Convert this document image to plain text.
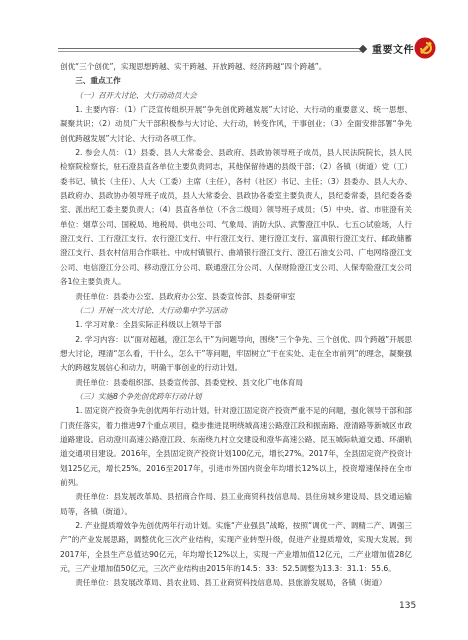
重要文件

创优“三个创优”，实现思想跨越、实干跨越、开放跨越、经济跨越“四个跨越”。

三、重点工作

（一）召开大讨论、大行动动员大会

1. 主要内容：（1）广泛宣传组织开展“争先创优跨越发展”大讨论、大行动的重要意义、统一思想、凝聚共识；（2）动员广大干部积极参与大讨论、大行动，转变作风，干事创业；（3）全面安排部署“争先创优跨越发展”大讨论、大行动各项工作。

2. 参会人员：（1）县委、县人大常委会、县政府、县政协领导班子成员，县人民法院院长，县人民检察院检察长，驻石澄县直各单位主要负责同志，其他保留待遇的县级干部；（2）各镇（街道）党（工）委书记、镇长（主任）、人大（工委）主席（主任），各村（社区）书记、主任；（3）县委办、县人大办、县政府办、县政协办领导班子成员，县人大常委会、县政协各委室主要负责人，县纪委常委，县纪委各委室、派出纪工委主要负责人；（4）县直各单位（不含二级局）领导班子成员；（5）中央、省、市驻澄有关单位：烟草公司、国税局、地税局、供电公司、气象局、消防大队、武警澄江中队、七五○试验场，人行澄江支行、工行澄江支行、农行澄江支行、中行澄江支行、建行澄江支行、富滇银行澄江支行、邮政储蓄澄江支行、县农村信用合作联社、中成村镇银行、曲靖银行澄江支行、澄江石油支公司、广电网络澄江支公司、电信澄江分公司、移动澄江分公司、联通澄江分公司、人保财险澄江支公司、人保寿险澄江支公司各1位主要负责人。

责任单位：县委办公室、县政府办公室、县委宣传部、县委研审室

（二）开展一次大讨论、大行动集中学习活动

1. 学习对象：全县实际正科级以上领导干部

2. 学习内容：以“面对超越，澄江怎么干”为问题导向，围绕“三个争先、三个创优、四个跨越”开展思想大讨论，理清“怎么看，干什么，怎么干”等问题，牢固树立“干在实处、走在全市前列”的理念，凝聚强大的跨越发展信心和动力，明确干事创业的行动计划。

责任单位：县委组织部、县委宣传部、县委党校、县文化广电体育局

（三）实施8个争先创优跨年行动计划

1. 固定资产投资争先创优两年行动计划。针对澄江固定资产投资严重不足的问题，强化领导干部和部门责任落实，着力推进97个重点项目，稳步推进昆明绕城高速公路澄江段和振南路、澄清路等新城区市政道路建设。启动澄川高速公路澄江段、东南绕九村立交建设和澄华高速公路、昆玉城际轨道交通、环湖轨道交通项目建设。2016年，全县固定资产投资计划100亿元，增长27%。2017年，全县固定资产投资计划125亿元，增长25%。2016至2017年，引进市外国内资金年均增长12%以上，投资增速保持在全市前列。

责任单位：县发展改革局、县招商合作局、县工业商贸科技信息局、县住房城乡建设局、县交通运输局等，各镇（街道）。

2. 产业提质增效争先创优两年行动计划。实施“产业强县”战略，按照“调优一产、调精二产、调强三产”的产业发展思路，调整优化三次产业结构，实现产业转型升级，促进产业提质增效，实现大发展。到2017年，全县生产总值达90亿元，年均增长12%以上，实现一产业增加值12亿元，二产业增加值28亿元，三产业增加值50亿元，三次产业结构由2015年的14.5：33：52.5调整为13.3：31.1：55.6。

责任单位：县发展改革局、县农业局、县工业商贸科技信息局、县旅游发展局，各镇（街道）

135
